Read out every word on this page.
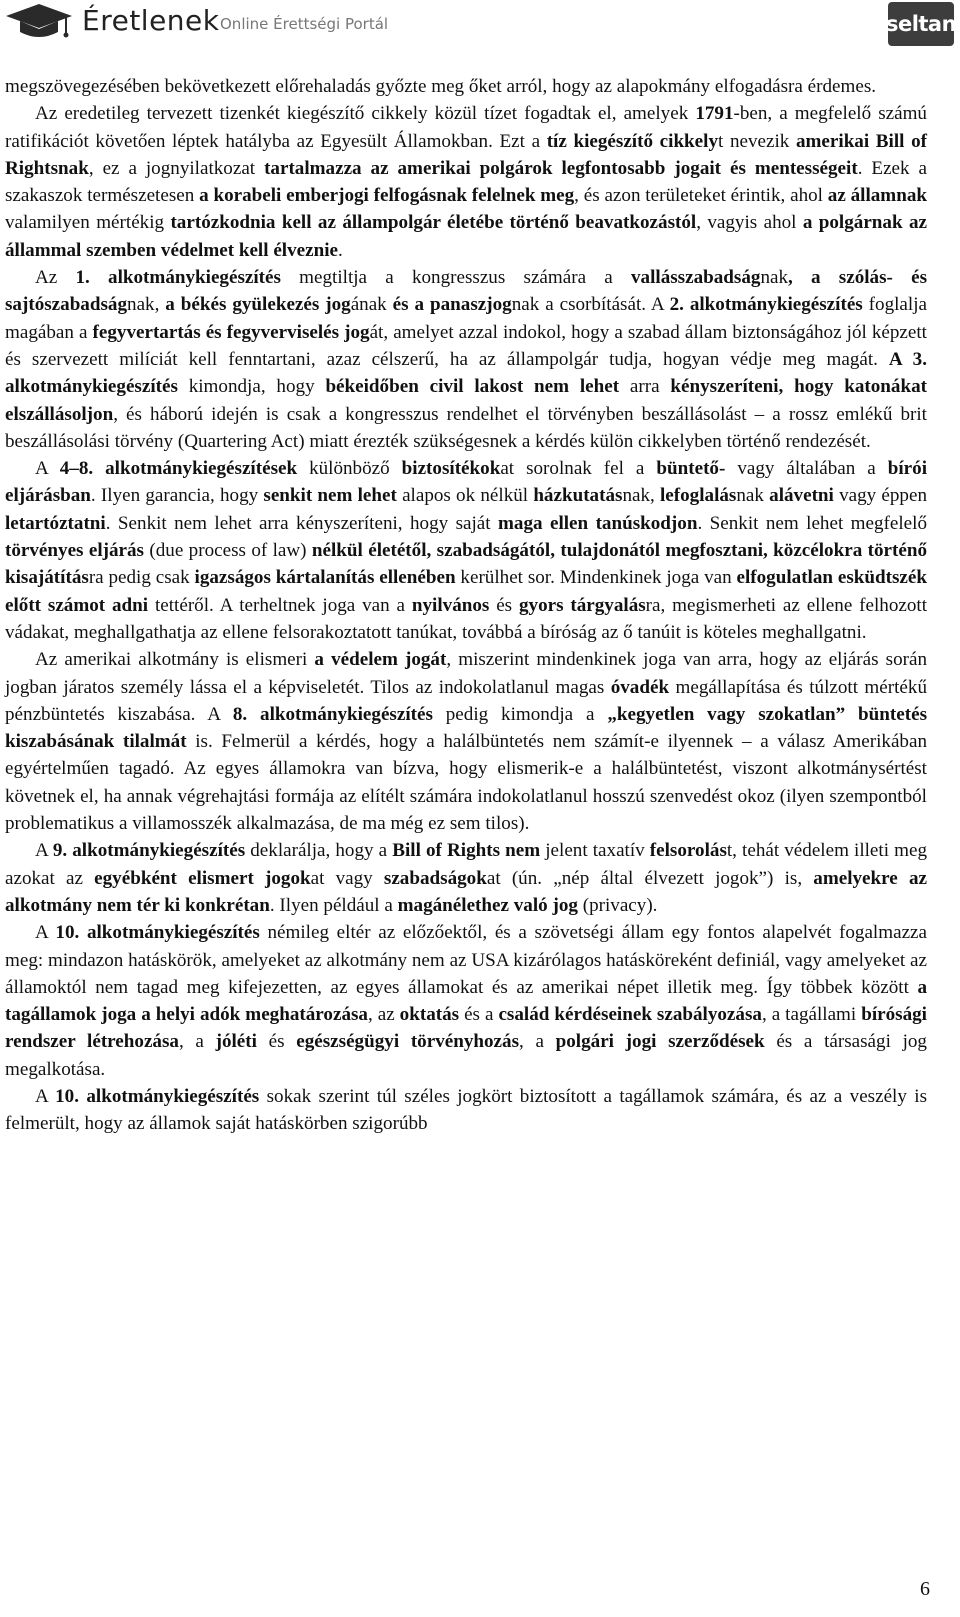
Éretlenek Online Érettségi Portál	seltan

megszövegezésében bekövetkezett előrehaladás győzte meg őket arról, hogy az alapokmány elfogadásra érdemes.

Az eredetileg tervezett tizenkét kiegészítő cikkely közül tízet fogadtak el, amelyek 1791-ben, a megfelelő számú ratifikációt követően léptek hatályba az Egyesült Államokban. Ezt a tíz kiegészítő cikkelyt nevezik amerikai Bill of Rightsnak, ez a jognyilatkozat tartalmazza az amerikai polgárok legfontosabb jogait és mentességeit. Ezek a szakaszok természetesen a korabeli emberjogi felfogásnak felelnek meg, és azon területeket érintik, ahol az államnak valamilyen mértékig tartózkodnia kell az állampolgár életébe történő beavatkozástól, vagyis ahol a polgárnak az állammal szemben védelmet kell élveznie.

Az 1. alkotmánykiegészítés megtiltja a kongresszus számára a vallásszabadságnak, a szólás- és sajtószabadságnak, a békés gyülekezés jogának és a panaszjognak a csorbítását. A 2. alkotmánykiegészítés foglalja magában a fegyvertartás és fegyverviselés jogát, amelyet azzal indokol, hogy a szabad állam biztonságához jól képzett és szervezett milíciát kell fenntartani, azaz célszerű, ha az állampolgár tudja, hogyan védje meg magát. A 3. alkotmánykiegészítés kimondja, hogy békeidőben civil lakost nem lehet arra kényszeríteni, hogy katonákat elszállásoljon, és háború idején is csak a kongresszus rendelhet el törvényben beszállásolást – a rossz emlékű brit beszállásolási törvény (Quartering Act) miatt érezték szükségesnek a kérdés külön cikkelyben történő rendezését.

A 4–8. alkotmánykiegészítések különböző biztosítékokat sorolnak fel a büntető- vagy általában a bírói eljárásban. Ilyen garancia, hogy senkit nem lehet alapos ok nélkül házkutatásnak, lefoglalásnak alávetni vagy éppen letartóztatni. Senkit nem lehet arra kényszeríteni, hogy saját maga ellen tanúskodjon. Senkit nem lehet megfelelő törvényes eljárás (due process of law) nélkül életétől, szabadságától, tulajdonától megfosztani, közcélokra történő kisajátításra pedig csak igazságos kártalanítás ellenében kerülhet sor. Mindenkinek joga van elfogulatlan esküdtszék előtt számot adni tettéről. A terheltnek joga van a nyilvános és gyors tárgyalásra, megismerheti az ellene felhozott vádakat, meghallgathatja az ellene felsorakoztatott tanúkat, továbbá a bíróság az ő tanúit is köteles meghallgatni.

Az amerikai alkotmány is elismeri a védelem jogát, miszerint mindenkinek joga van arra, hogy az eljárás során jogban járatos személy lássa el a képviseletét. Tilos az indokolatlanul magas óvadék megállapítása és túlzott mértékű pénzbüntetés kiszabása. A 8. alkotmánykiegészítés pedig kimondja a „kegyetlen vagy szokatlan” büntetés kiszabásának tilalmát is. Felmerül a kérdés, hogy a halálbüntetés nem számít-e ilyennek – a válasz Amerikában egyértelműen tagadó. Az egyes államokra van bízva, hogy elismerik-e a halálbüntetést, viszont alkotmánysértést követnek el, ha annak végrehajtási formája az elítélt számára indokolatlanul hosszú szenvedést okoz (ilyen szempontból problematikus a villamosszék alkalmazása, de ma még ez sem tilos).

A 9. alkotmánykiegészítés deklarálja, hogy a Bill of Rights nem jelent taxatív felsorolást, tehát védelem illeti meg azokat az egyébként elismert jogokat vagy szabadságokat (ún. „nép által élvezett jogok”) is, amelyekre az alkotmány nem tér ki konkrétan. Ilyen például a magánélethez való jog (privacy).

A 10. alkotmánykiegészítés némileg eltér az előzőektől, és a szövetségi állam egy fontos alapelvét fogalmazza meg: mindazon hatáskörök, amelyeket az alkotmány nem az USA kizárólagos hatásköreként definiál, vagy amelyeket az államoktól nem tagad meg kifejezetten, az egyes államokat és az amerikai népet illetik meg. Így többek között a tagállamok joga a helyi adók meghatározása, az oktatás és a család kérdéseinek szabályozása, a tagállami bírósági rendszer létrehozása, a jóléti és egészségügyi törvényhozás, a polgári jogi szerződések és a társasági jog megalkotása.

A 10. alkotmánykiegészítés sokak szerint túl széles jogkört biztosított a tagállamok számára, és az a veszély is felmerült, hogy az államok saját hatáskörben szigorúbb

6
